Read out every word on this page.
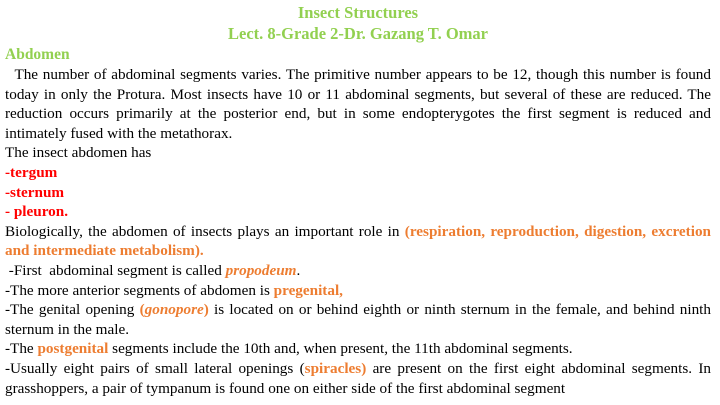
Insect Structures
Lect. 8-Grade 2-Dr. Gazang T. Omar
Abdomen
The number of abdominal segments varies. The primitive number appears to be 12, though this number is found today in only the Protura. Most insects have 10 or 11 abdominal segments, but several of these are reduced. The reduction occurs primarily at the posterior end, but in some endopterygotes the first segment is reduced and intimately fused with the metathorax.
The insect abdomen has
-tergum
-sternum
- pleuron.
Biologically, the abdomen of insects plays an important role in (respiration, reproduction, digestion, excretion and intermediate metabolism).
-First  abdominal segment is called propodeum.
-The more anterior segments of abdomen is pregenital,
-The genital opening (gonopore) is located on or behind eighth or ninth sternum in the female, and behind ninth sternum in the male.
-The postgenital segments include the 10th and, when present, the 11th abdominal segments.
-Usually eight pairs of small lateral openings (spiracles) are present on the first eight abdominal segments. In grasshoppers, a pair of tympanum is found one on either side of the first abdominal segment
